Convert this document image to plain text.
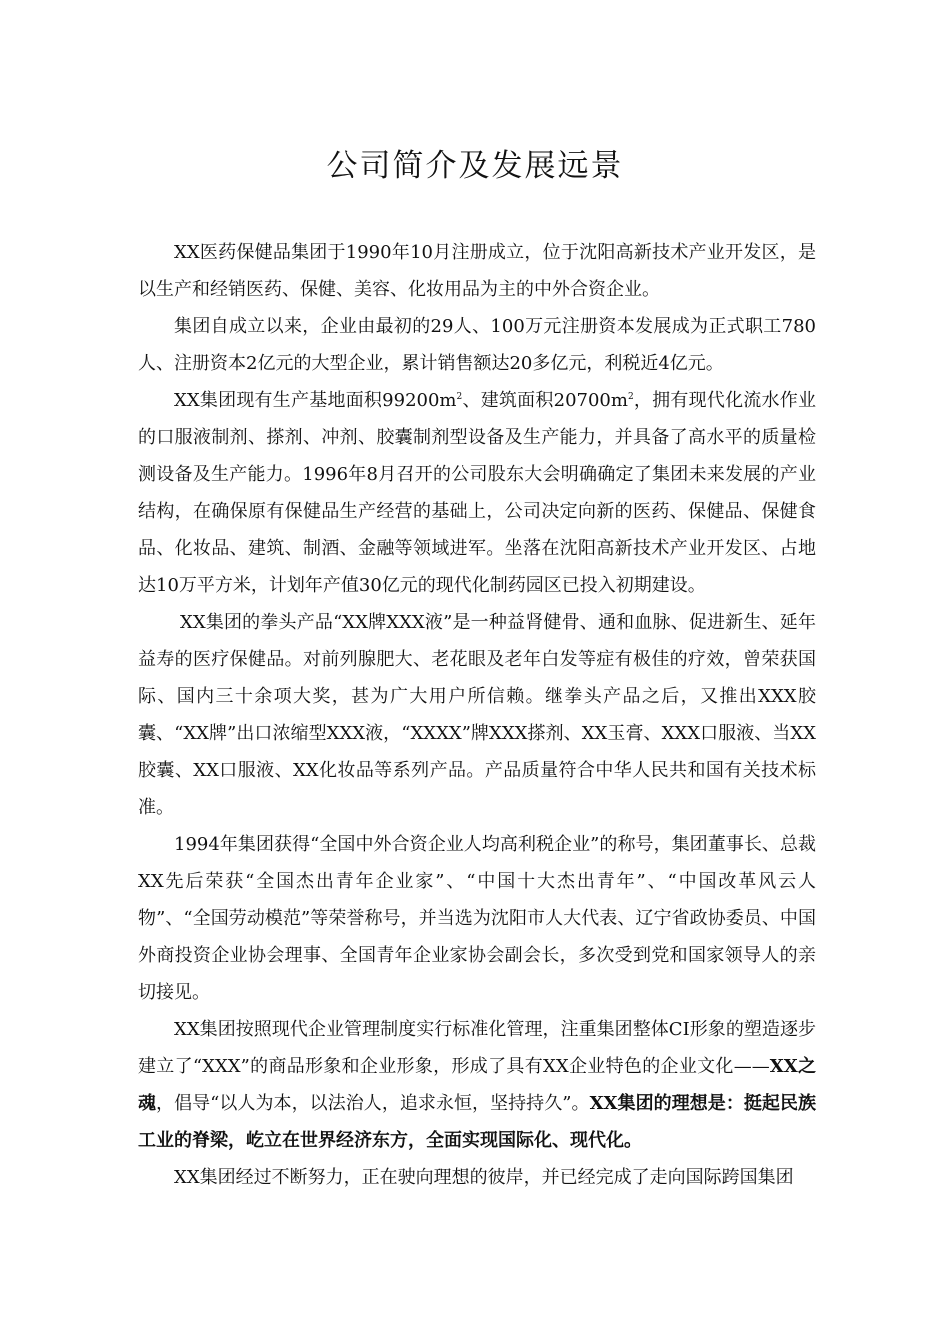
公司简介及发展远景

XX医药保健品集团于1990年10月注册成立，位于沈阳高新技术产业开发区，是以生产和经销医药、保健、美容、化妆用品为主的中外合资企业。

集团自成立以来，企业由最初的29人、100万元注册资本发展成为正式职工780人、注册资本2亿元的大型企业，累计销售额达20多亿元，利税近4亿元。

XX集团现有生产基地面积$99200m^2$、建筑面积$20700m^2$，拥有现代化流水作业的口服液制剂、搽剂、冲剂、胶囊制剂型设备及生产能力，并具备了高水平的质量检测设备及生产能力。1996年8月召开的公司股东大会明确确定了集团未来发展的产业结构，在确保原有保健品生产经营的基础上，公司决定向新的医药、保健品、保健食品、化妆品、建筑、制酒、金融等领域进军。坐落在沈阳高新技术产业开发区、占地达10万平方米，计划年产值30亿元的现代化制药园区已投入初期建设。

XX集团的拳头产品“XX牌XXX液”是一种益肾健骨、通和血脉、促进新生、延年益寿的医疗保健品。对前列腺肥大、老花眼及老年白发等症有极佳的疗效，曾荣获国际、国内三十余项大奖，甚为广大用户所信赖。继拳头产品之后，又推出XXX胶囊、“XX牌”出口浓缩型XXX液，“XXXX”牌XXX搽剂、XX玉膏、XXX口服液、当XX胶囊、XX口服液、XX化妆品等系列产品。产品质量符合中华人民共和国有关技术标准。

1994年集团获得“全国中外合资企业人均高利税企业”的称号，集团董事长、总裁XX先后荣获“全国杰出青年企业家”、“中国十大杰出青年”、“中国改革风云人物”、“全国劳动模范”等荣誉称号，并当选为沈阳市人大代表、辽宁省政协委员、中国外商投资企业协会理事、全国青年企业家协会副会长，多次受到党和国家领导人的亲切接见。

XX集团按照现代企业管理制度实行标准化管理，注重集团整体CI形象的塑造逐步建立了“XXX”的商品形象和企业形象，形成了具有XX企业特色的企业文化——XX之魂，倡导“以人为本，以法治人，追求永恒，坚持持久”。XX集团的理想是：挺起民族工业的脊梁，屹立在世界经济东方，全面实现国际化、现代化。

XX集团经过不断努力，正在驶向理想的彼岸，并已经完成了走向国际跨国集团
